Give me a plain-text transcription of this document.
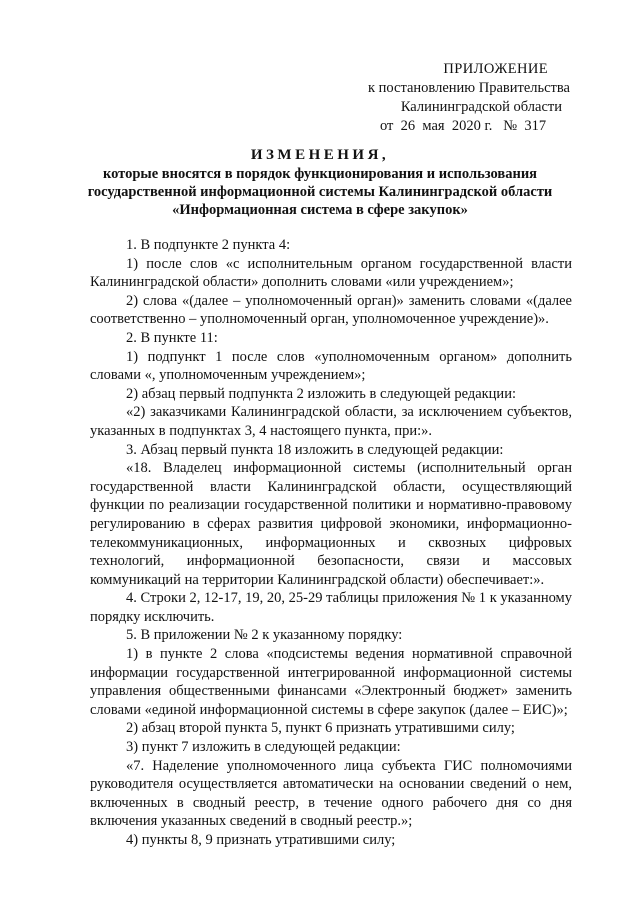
ПРИЛОЖЕНИЕ
к постановлению Правительства
Калининградской области
от  26  мая  2020 г.   №  317
ИЗМЕНЕНИЯ,
которые вносятся в порядок функционирования и использования
государственной информационной системы Калининградской области
«Информационная система в сфере закупок»

1. В подпункте 2 пункта 4:

1) после слов «с исполнительным органом государственной власти Калининградской области» дополнить словами «или учреждением»;

2) слова «(далее – уполномоченный орган)» заменить словами «(далее соответственно – уполномоченный орган, уполномоченное учреждение)».

2. В пункте 11:

1) подпункт 1 после слов «уполномоченным органом» дополнить словами «, уполномоченным учреждением»;

2) абзац первый подпункта 2 изложить в следующей редакции:

«2) заказчиками Калининградской области, за исключением субъектов, указанных в подпунктах 3, 4 настоящего пункта, при:».

3. Абзац первый пункта 18 изложить в следующей редакции:

«18. Владелец информационной системы (исполнительный орган государственной власти Калининградской области, осуществляющий функции по реализации государственной политики и нормативно-правовому регулированию в сферах развития цифровой экономики, информационно-телекоммуникационных, информационных и сквозных цифровых технологий, информационной безопасности, связи и массовых коммуникаций на территории Калининградской области) обеспечивает:».

4. Строки 2, 12-17, 19, 20, 25-29 таблицы приложения № 1 к указанному порядку исключить.

5. В приложении № 2 к указанному порядку:

1) в пункте 2 слова «подсистемы ведения нормативной справочной информации государственной интегрированной информационной системы управления общественными финансами «Электронный бюджет» заменить словами «единой информационной системы в сфере закупок (далее – ЕИС)»;

2) абзац второй пункта 5, пункт 6 признать утратившими силу;

3) пункт 7 изложить в следующей редакции:

«7. Наделение уполномоченного лица субъекта ГИС полномочиями руководителя осуществляется автоматически на основании сведений о нем, включенных в сводный реестр, в течение одного рабочего дня со дня включения указанных сведений в сводный реестр.»;

4) пункты 8, 9 признать утратившими силу;
